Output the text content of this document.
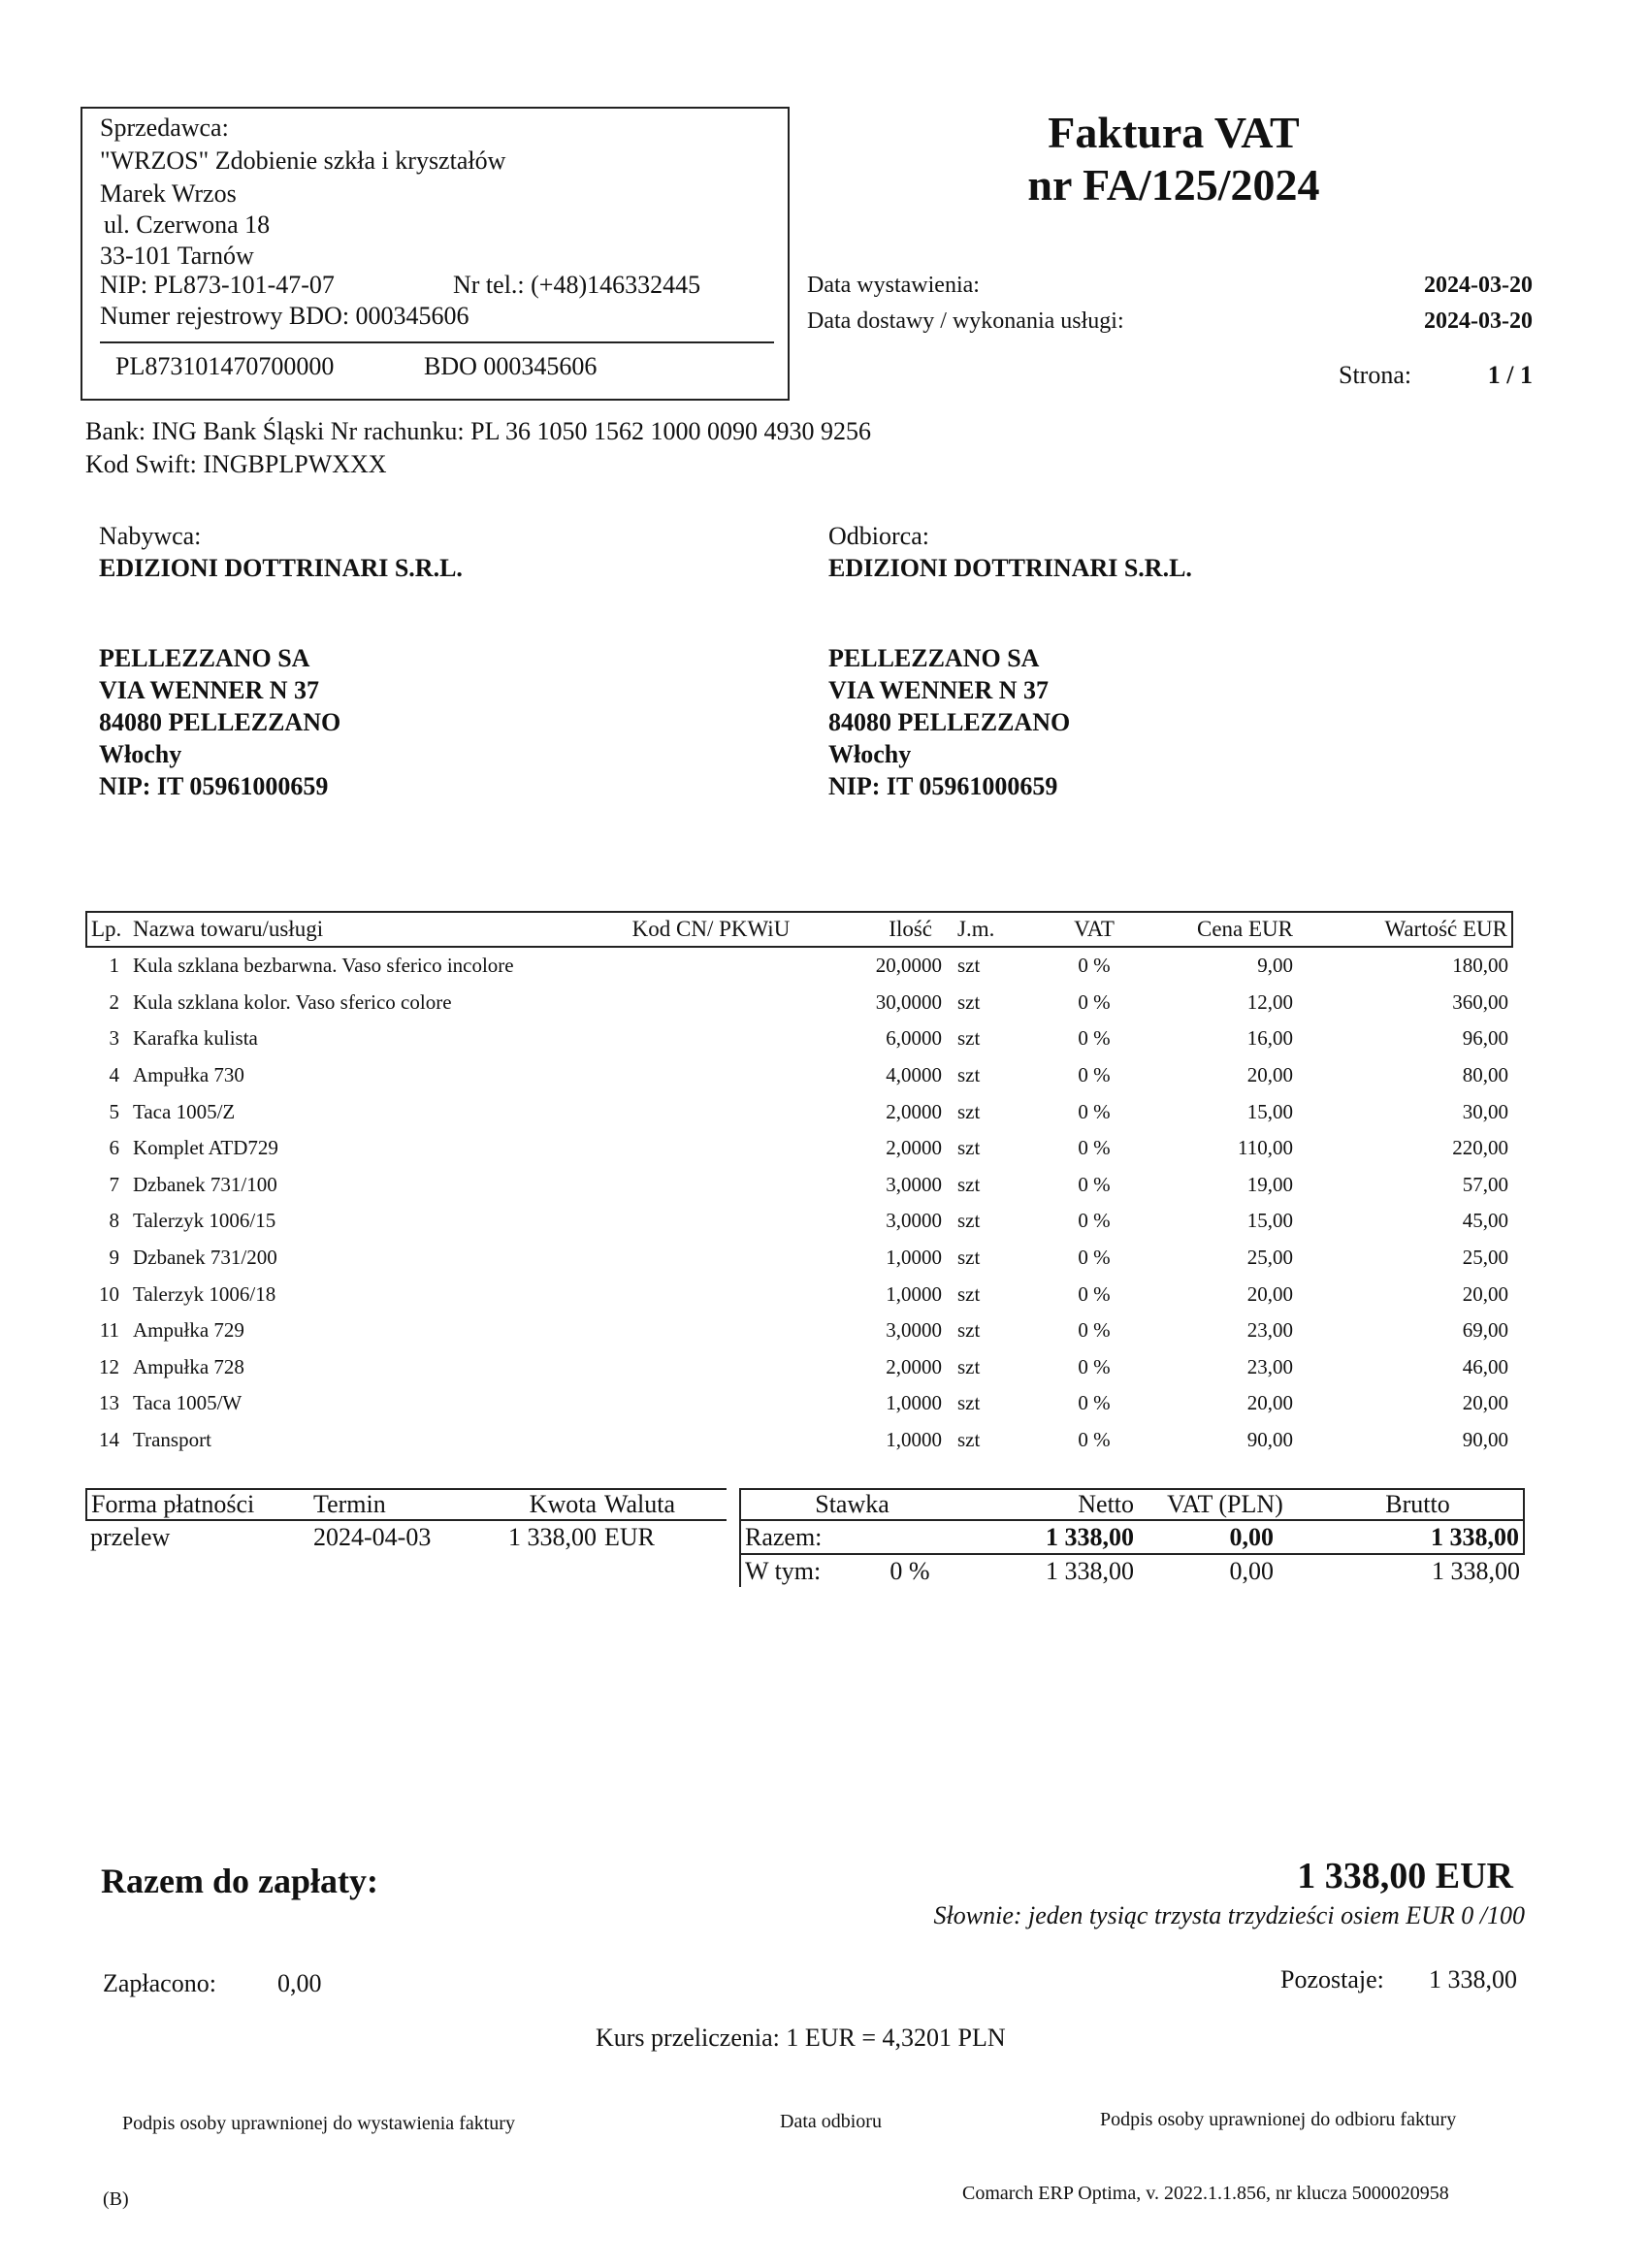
Sprzedawca:
"WRZOS" Zdobienie szkła i kryształów
Marek Wrzos
ul. Czerwona 18
33-101 Tarnów
NIP: PL873-101-47-07	Nr tel.: (+48)146332445
Numer rejestrowy BDO: 000345606
PL873101470700000	BDO 000345606
Faktura VAT
nr FA/125/2024
Data wystawienia:	2024-03-20
Data dostawy / wykonania usługi:	2024-03-20
Strona:	1 / 1
Bank: ING Bank Śląski Nr rachunku: PL 36 1050 1562 1000 0090 4930 9256
Kod Swift: INGBPLPWXXX
Nabywca:
EDIZIONI DOTTRINARI S.R.L.
PELLEZZANO SA
VIA WENNER N 37
84080 PELLEZZANO
Włochy
NIP: IT 05961000659
Odbiorca:
EDIZIONI DOTTRINARI S.R.L.
PELLEZZANO SA
VIA WENNER N 37
84080 PELLEZZANO
Włochy
NIP: IT 05961000659
Lp.	Nazwa towaru/usługi	Kod CN/ PKWiU	Ilość	J.m.	VAT	Cena EUR	Wartość EUR
1	Kula szklana bezbarwna. Vaso sferico incolore		20,0000	szt	0 %	9,00	180,00
2	Kula szklana kolor. Vaso sferico colore		30,0000	szt	0 %	12,00	360,00
3	Karafka kulista		6,0000	szt	0 %	16,00	96,00
4	Ampułka 730		4,0000	szt	0 %	20,00	80,00
5	Taca 1005/Z		2,0000	szt	0 %	15,00	30,00
6	Komplet ATD729		2,0000	szt	0 %	110,00	220,00
7	Dzbanek 731/100		3,0000	szt	0 %	19,00	57,00
8	Talerzyk 1006/15		3,0000	szt	0 %	15,00	45,00
9	Dzbanek 731/200		1,0000	szt	0 %	25,00	25,00
10	Talerzyk 1006/18		1,0000	szt	0 %	20,00	20,00
11	Ampułka 729		3,0000	szt	0 %	23,00	69,00
12	Ampułka 728		2,0000	szt	0 %	23,00	46,00
13	Taca 1005/W		1,0000	szt	0 %	20,00	20,00
14	Transport		1,0000	szt	0 %	90,00	90,00
Forma płatności	Termin	Kwota	Waluta
przelew	2024-04-03	1 338,00	EUR
Stawka		Netto	VAT (PLN)	Brutto
Razem:		1 338,00	0,00	1 338,00
W tym:	0 %	1 338,00	0,00	1 338,00
Razem do zapłaty:	1 338,00 EUR
Słownie: jeden tysiąc trzysta trzydzieści osiem EUR 0 /100
Zapłacono: 0,00	Pozostaje:	1 338,00
Kurs przeliczenia: 1 EUR = 4,3201 PLN
Podpis osoby uprawnionej do wystawienia faktury	Data odbioru	Podpis osoby uprawnionej do odbioru faktury
(B)	Comarch ERP Optima, v. 2022.1.1.856, nr klucza 5000020958
